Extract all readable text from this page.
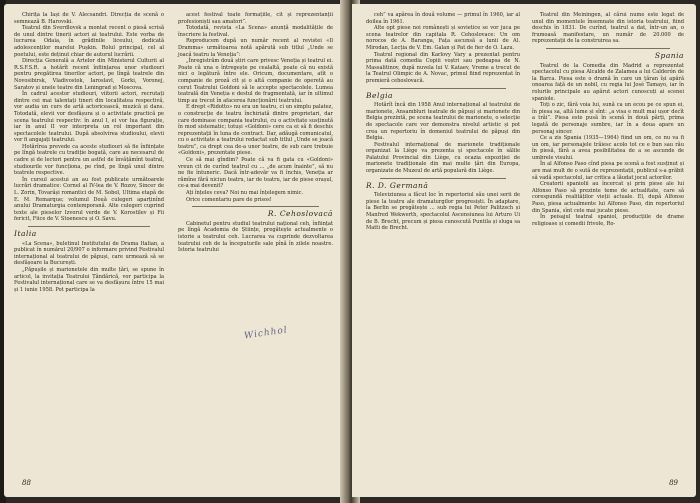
Chirița la Iași de V. Alecsandri. Direcția de scenă o semnează B. Harovski.

Teatrul din Sverdlovsk a montat recent o piesă scrisă de unul dintre tinerii actori ai teatrului. Este vorba de lucrarea Odaia, în grădinile liceului, dedicată adolescenților marelui Pușkin. Rolul principal, cel al poetului, este deținut chiar de autorul lucrării.

Direcția Generală a Artelor din Ministerul Culturii al R.S.F.S.R. a hotărît recent înființarea unor studiouri pentru pregătirea tinerilor actori, pe lîngă teatrele din Novosibirsk, Vladivostok, Iaroslavl, Gorki, Voronej, Saratov și unele teatre din Leningrad și Moscova.

În cadrul acestor studiouri, viitorii actori, recrutați dintre cei mai talentați tineri din localitatea respectivă, vor audia un curs de artă actoricească, muzică și dans. Totodată, elevii vor desfășura și o activitate practică pe scena teatrului respectiv: în anul I, ei vor lua figurație, iar în anul II vor interpreta un rol important din spectacolele teatrului. După absolvirea studioului, elevii vor fi angajați teatrului.

Hotărîrea prevede ca aceste studiouri să fie înființate pe lîngă teatrele cu tradiție bogată, care au necesarul de cadre și de lectori pentru un astfel de învățămînt teatral, studiourile vor funcționa, pe rînd, pe lîngă unul dintre teatrele respective.

În cursul acestui an au fost publicate următoarele lucrări dramatice: Cornel al IV-lea de V. Rozov, Sincer de L. Zorin, Tovarăși romantici de M. Sobol, Ultima etapă de E. M. Remarque; volumul Două culegeri aparținînd anului Dramaturgia contemporană. Alte culegeri cuprind texte ale pieselor Izvorul verde de V. Korostilev și Fii fericit, Fiice de V. Stoenescu și O. Savu.

Italia

«La Scena», buletinul Institutului de Drama Italian, a publicat în numărul 20/907 o informare privind Festivalul internațional al teatrului de păpuși, care urmează să se desfășoare la București.

„Păpușile și marionetele din multe țări, se spune în articol, la invitația Teatrului Țăndărică, vor participa la Festivalul internațional care se va desfășura între 15 mai și 1 iunie 1958. Pot participa la

acest festival toate formațiile, cit și reprezentanții profesioniști sau amatori”.

Totodată, revista «La Scena» anunță modalitățile de înscriere la festival.

Reproducem după un număr recent al revistei «Il Dramma» următoarea notă apărută sub titlul „Unde se joacă teatru la Veneția”:

„Înregistrăm două știri care privesc Veneția și teatrul ei. Poate că una o întregește pe cealaltă, poate că nu există nici o legătură între ele. Oricum, documentare, atît o companie de proză cit și o altă companie de operetă au cerut Teatrului Goldoni să le accepte spectacolele. Lumea teatrală din Veneția e destul de fragmentată, iar în ultimul timp au trecut în afacerea funcționării teatrului.

E drept «Ridotto» nu era un teatru, ci un simplu palatez, o construcție de teatru închiriată dintre proprietari, dar care dominase compania teatrului, cu o activitate susținută în mod sistematic; totuși «Goldoni» cere ca ei să fi deschis reprezentații în luna de contract. Dar, adăugă comunicatul, cu o activitate a teatrului redactat sub titlul „Unde se joacă teatru”, ca drept cea de-a unor teatre, de sub care trebuie «Goldoni», prezentate piese.

Ce să mai gîndim? Poate că va fi gata cu «Goldoni» vreun cit de curînd teatrul cu ... „de acum înainte”, să nu ne fie întuneric. Dacă într-adevăr va fi închis, Veneția ar rămîne fără niciun teatru, iar de teatru, iar de piese orașul, ce-a mai devenit?

Ați înțeles ceva? Noi nu mai înțelegem nimic.

Orice comentariu pare de prisos!

R. Cehoslovacă

Cabinetul pentru studiul teatrului național ceh, înființat pe lîngă Academia de Științe, pregătește actualmente o istorie a teatrului ceh. Lucrarea va cuprinde dezvoltarea teatrului ceh de la începuturile sale pînă în zilele noastre. Istoria teatrului

88

ceh” va apărea în două volume — primul în 1960, iar al doilea în 1961.

Alte opt piese noi românești și sovietice se vor juca pe scena teatrelor din capitala R. Cehoslovace: Un om norocos de A. Baranga, Fața ascunsă a lunii de Al. Mirodan, Lecția de V. Em. Galan și Pat de fier de O. Lazu.

Teatrul regional din Karlovy Vary a prezentat pentru prima dată comedia Copiii voștri sau pedeapsa de N. Massalitinov, după nuvela lui V. Kataev, Vreme a trecut de la Teatrul Olimpic de A. Novac, primul fiind reprezentat în premieră cehoslovacă.

Belgia

Hotărît încă din 1958 Anul internațional al teatrului de marionete, Ansambluri teatrale de păpuși și marionete din Belgia prezintă, pe scena teatrului de marionete, o selecție de spectacole care vor demonstra nivelul artistic și pot crea un repertoriu în domeniul teatrului de păpuși din Belgia.

Festivalul internațional de marionete tradiționale organizat la Liège va prezenta și spectacole în sălile Palatului Provincial din Liège, cu ocazia expoziției de marionete tradiționale din mai multe țări din Europa, organizate de Muzeul de artă populară din Liège.

R. D. Germană

Televiziunea a făcut loc în repertoriul său unei serii de piese la teatru ale dramaturgilor progresiști. În adaptare, la Berlin se pregătește ... sub regia lui Peter Palitzsch și Manfred Wekwerth, spectacolul Ascensiunea lui Arturo Ui de B. Brecht, precum și piesa cunoscută Puntila și sluga sa Matti de Brecht.

Teatrul din Meiningen, al cărui nume este legat de unul din momentele însemnate din istoria teatrului, fiind deschis în 1831. De curînd, teatrul a dat, într-un an, o frumoasă manifestare, un număr de 20.000 de reprezentații de la construirea sa.

Spania

Teatrul de la Comedia din Madrid a reprezentat spectacolul cu piesa Alcalde de Zalamea a lui Calderón de la Barca. Piesa este o dramă în care un țăran își apără onoarea față de un nobil, cu regia lui José Tamayo, iar în rolurile principale au apărut actori cunoscuți ai scenei spaniole.

Toți o zic, fără voia lui, sună ca un ecou pe ce spun ei, în piesa sa, altă lume și sînt: „a visa e mult mai ușor decît a trăi”. Piesa este pusă în scenă în două părți, prima legată de personaje sumbre, iar în a doua apare un personaj sincer.

Ce a zis Spania (1935—1964) fiind un om, ce nu va fi un om, iar personajele trăiesc acolo tot ce e bun sau rău în piesă, fără a avea posibilitatea de a se ascunde de umbrele visului.

În al Alfonso Paso cînd piesa pe scenă a fost susținut și are mai mult de o sută de reprezentații, publicul s-a grăbit să vadă spectacolul, iar critica a lăudat jocul actorilor.

Creatorii spaniolii au încercat și prin piese ale lui Alfonso Paso să prezinte teme de actualitate, care să corespundă realităților vieții actuale. El, după Alfonso Paso, piesa actualmente lui Alfonso Paso, din repertoriul din Spania, sînt cele mai jucate piese.

În peisajul teatral spaniol, producțiile de drame religioase și comedii frivole, Ro-

89
Wichhol
